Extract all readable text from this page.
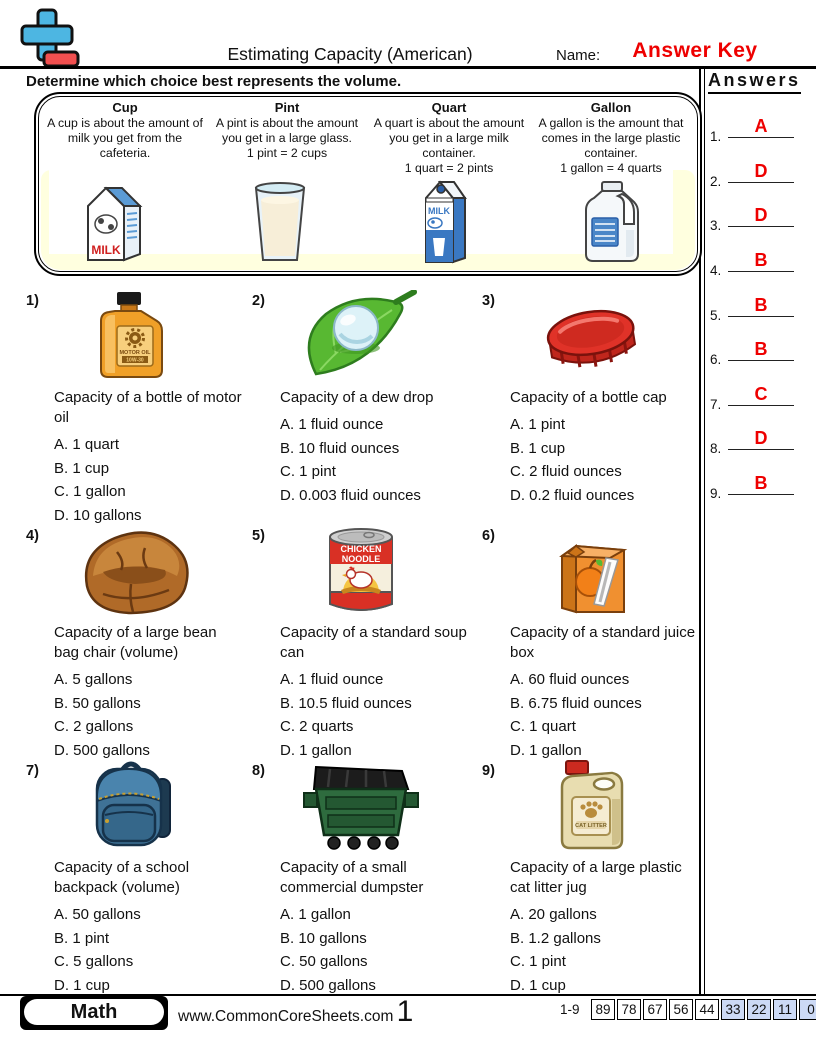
Estimating Capacity (American)	Name:	Answer Key
Determine which choice best represents the volume.	Answers
1.
A
2.
D
3.
D
4.
B
5.
B
6.
B
7.
C
8.
D
9.
B
Cup

A cup is about the amount of milk you get from the cafeteria.

Pint

A pint is about the amount you get in a large glass.

1 pint = 2 cups

Quart

A quart is about the amount you get in a large milk container.

1 quart = 2 pints

Gallon

A gallon is the amount that comes in the large plastic container.

1 gallon = 4 quarts

MILK
MILK
1)
MOTOR OIL
10W-30
Capacity of a bottle of motor oil
A. 1 quart
B. 1 cup
C. 1 gallon
D. 10 gallons
2)
Capacity of a dew drop
A. 1 fluid ounce
B. 10 fluid ounces
C. 1 pint
D. 0.003 fluid ounces
3)
Capacity of a bottle cap
A. 1 pint
B. 1 cup
C. 2 fluid ounces
D. 0.2 fluid ounces
4)
Capacity of a large bean bag chair (volume)
A. 5 gallons
B. 50 gallons
C. 2 gallons
D. 500 gallons
5)
CHICKEN
NOODLE
Capacity of a standard soup can
A. 1 fluid ounce
B. 10.5 fluid ounces
C. 2 quarts
D. 1 gallon
6)
Capacity of a standard juice box
A. 60 fluid ounces
B. 6.75 fluid ounces
C. 1 quart
D. 1 gallon
7)
Capacity of a school backpack (volume)
A. 50 gallons
B. 1 pint
C. 5 gallons
D. 1 cup
8)
Capacity of a small commercial dumpster
A. 1 gallon
B. 10 gallons
C. 50 gallons
D. 500 gallons
9)
CAT LITTER
Capacity of a large plastic cat litter jug
A. 20 gallons
B. 1.2 gallons
C. 1 pint
D. 1 cup
Math	www.CommonCoreSheets.com 1	1-9	89 78 67 56 44 33 22 11	0
